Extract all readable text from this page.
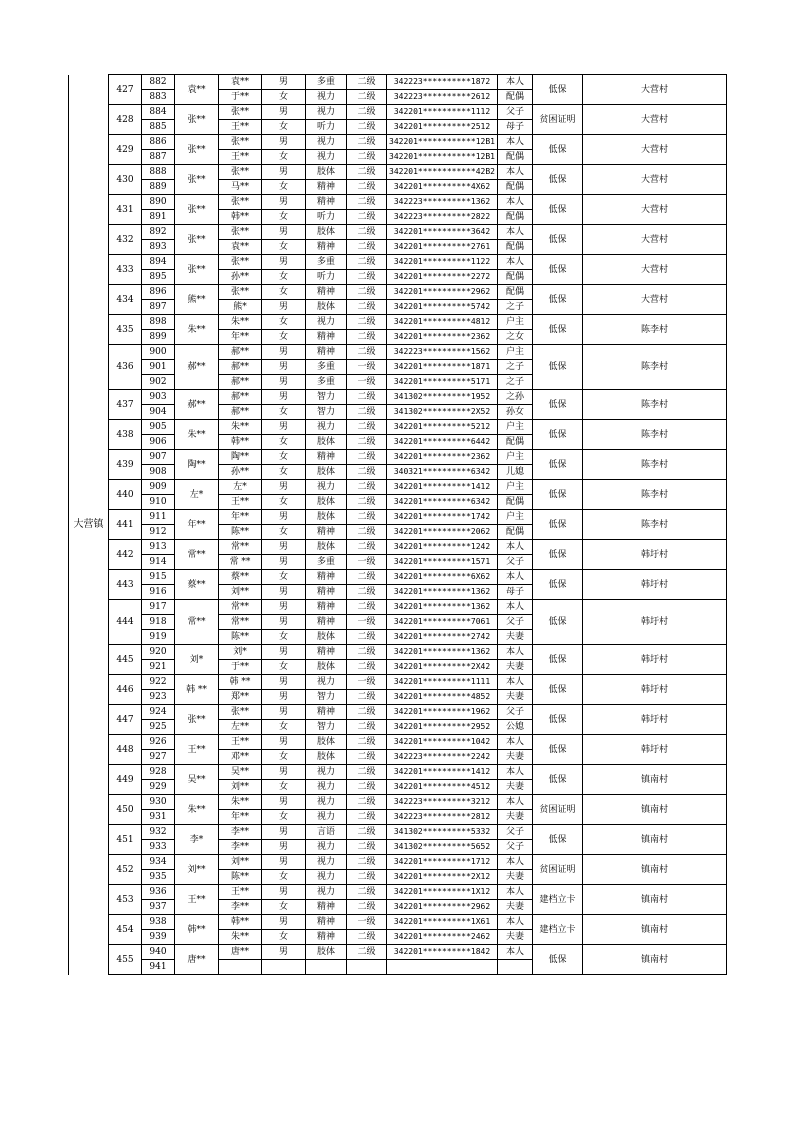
大营镇	427	882	袁**	袁**	男	多重	二级	342223**********1872	本人	低保	大营村
		883		于**	女	视力	二级	342223**********2612	配偶		
	428	884	张**	张**	男	视力	二级	342201**********1112	父子	贫困证明	大营村
		885		王**	女	听力	二级	342201**********2512	母子		
	429	886	张**	张**	男	视力	二级	342201************12B1	本人	低保	大营村
		887		王**	女	视力	二级	342201************12B1	配偶		
	430	888	张**	张**	男	肢体	二级	342201************42B2	本人	低保	大营村
		889		马**	女	精神	二级	342201**********4X62	配偶		
	431	890	张**	张**	男	精神	二级	342223**********1362	本人	低保	大营村
		891		韩**	女	听力	二级	342223**********2822	配偶		
	432	892	张**	张**	男	肢体	二级	342201**********3642	本人	低保	大营村
		893		袁**	女	精神	二级	342201**********2761	配偶		
	433	894	张**	张**	男	多重	二级	342201**********1122	本人	低保	大营村
		895		孙**	女	听力	二级	342201**********2272	配偶		
	434	896	熊**	张**	女	精神	二级	342201**********2962	配偶	低保	大营村
		897		熊*	男	肢体	二级	342201**********5742	之子		
	435	898	朱**	朱**	女	视力	二级	342201**********4812	户主	低保	陈李村
		899		年**	女	精神	二级	342201**********2362	之女		
	436	900	郝**	郝**	男	精神	二级	342223**********1562	户主	低保	陈李村
		901		郝**	男	多重	一级	342201**********1871	之子		
		902		郝**	男	多重	一级	342201**********5171	之子		
	437	903	郝**	郝**	男	智力	二级	341302**********1952	之孙	低保	陈李村
		904		郝**	女	智力	二级	341302**********2X52	孙女		
	438	905	朱**	朱**	男	视力	二级	342201**********5212	户主	低保	陈李村
		906		韩**	女	肢体	二级	342201**********6442	配偶		
	439	907	陶**	陶**	女	精神	二级	342201**********2362	户主	低保	陈李村
		908		孙**	女	肢体	二级	340321**********6342	儿媳		
	440	909	左*	左*	男	视力	二级	342201**********1412	户主	低保	陈李村
		910		王**	女	肢体	二级	342201**********6342	配偶		
	441	911	年**	年**	男	肢体	二级	342201**********1742	户主	低保	陈李村
		912		陈**	女	精神	二级	342201**********2062	配偶		
	442	913	常**	常**	男	肢体	二级	342201**********1242	本人	低保	韩圩村
		914		常 **	男	多重	一级	342201**********1571	父子		
	443	915	蔡**	蔡**	女	精神	二级	342201**********6X62	本人	低保	韩圩村
		916		刘**	男	精神	二级	342201**********1362	母子		
	444	917	常**	常**	男	精神	二级	342201**********1362	本人	低保	韩圩村
		918		常**	男	精神	一级	342201**********7061	父子		
		919		陈**	女	肢体	二级	342201**********2742	夫妻		
	445	920	刘*	刘*	男	精神	二级	342201**********1362	本人	低保	韩圩村
		921		于**	女	肢体	二级	342201**********2X42	夫妻		
	446	922	韩 **	韩 **	男	视力	一级	342201**********1111	本人	低保	韩圩村
		923		郑**	男	智力	二级	342201**********4852	夫妻		
	447	924	张**	张**	男	精神	二级	342201**********1962	父子	低保	韩圩村
		925		左**	女	智力	二级	342201**********2952	公媳		
	448	926	王**	王**	男	肢体	二级	342201**********1042	本人	低保	韩圩村
		927		邓**	女	肢体	二级	342223**********2242	夫妻		
	449	928	吴**	吴**	男	视力	二级	342201**********1412	本人	低保	镇南村
		929		刘**	女	视力	二级	342201**********4512	夫妻		
	450	930	朱**	朱**	男	视力	二级	342223**********3212	本人	贫困证明	镇南村
		931		年**	女	视力	二级	342223**********2812	夫妻		
	451	932	李*	李**	男	言语	二级	341302**********5332	父子	低保	镇南村
		933		李**	男	视力	二级	341302**********5652	父子		
	452	934	刘**	刘**	男	视力	二级	342201**********1712	本人	贫困证明	镇南村
		935		陈**	女	视力	二级	342201**********2X12	夫妻		
	453	936	王**	王**	男	视力	二级	342201**********1X12	本人	建档立卡	镇南村
		937		李**	女	精神	二级	342201**********2962	夫妻		
	454	938	韩**	韩**	男	精神	一级	342201**********1X61	本人	建档立卡	镇南村
		939		朱**	女	精神	二级	342201**********2462	夫妻		
	455	940	唐**	唐**	男	肢体	二级	342201**********1842	本人	低保	镇南村
		941									
